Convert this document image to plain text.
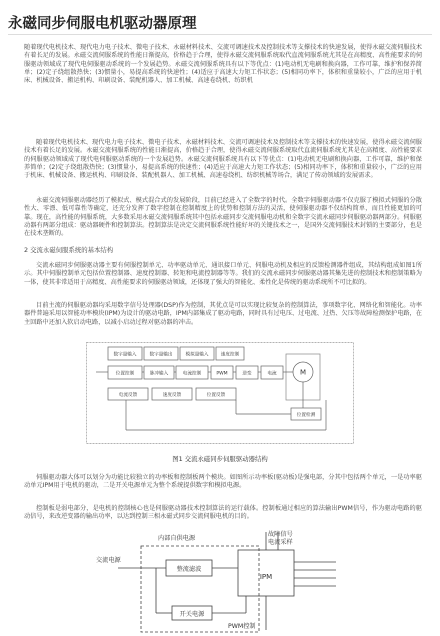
永磁同步伺服电机驱动器原理

随着现代电机技术、现代电力电子技术、微电子技术、永磁材料技术、交流可调速技术及控制技术等支撑技术的快速发展，使得永磁交流伺服技术有着长足的发展。永磁交流伺服系统的性能日渐提高，价格趋于合理，使得永磁交流伺服系统取代直流伺服系统尤其是在高精度、高性能要求的伺服驱动领域成了现代电伺服驱动系统的一个发展趋势。永磁交流伺服系统具有以下等优点：(1)电动机无电刷和换向器，工作可靠，维护和保养简单；(2)定子绕组散热快；(3)惯量小，易提高系统的快速性；(4)适应于高速大力矩工作状态；(5)相同功率下，体积和重量较小，广泛的应用于机床、机械设备、搬运机构、印刷设备、装配机器人、加工机械、高速卷绕机、纺织机

随着现代电机技术、现代电力电子技术、微电子技术、永磁材料技术、交流可调速技术及控制技术等支撑技术的快速发展，使得永磁交流伺服技术有着长足的发展。永磁交流伺服系统的性能日渐提高，价格趋于合理，使得永磁交流伺服系统取代直流伺服系统尤其是在高精度、高性能要求的伺服驱动领域成了现代电伺服驱动系统的一个发展趋势。永磁交流伺服系统具有以下等优点：(1)电动机无电刷和换向器，工作可靠，维护和保养简单；(2)定子绕组散热快；(3)惯量小，易提高系统的快速性；(4)适应于高速大力矩工作状态；(5)相同功率下，体积和重量较小，广泛的应用于机床、机械设备、搬运机构、印刷设备、装配机器人、加工机械、高速卷绕机、纺织机械等场合，满足了传动领域的发展需求。

永磁交流伺服驱动器经历了模拟式、模式混合式的发展阶段，目前已经进入了全数字的时代。全数字伺服驱动器不仅克服了模拟式伺服的分散性大、零漂、低可靠性等确定，还充分发挥了数字控制在控制精度上的优势和控制方法的灵活，使伺服驱动器不仅结构简单，而且性能更加的可靠。现在，高性能的伺服系统，大多数采用永磁交流伺服系统其中包括永磁同步交流伺服电动机和全数字交流永磁同步伺服驱动器两部分。伺服驱动器有两部分组成：驱动器硬件和控制算法。控制算法是决定交流伺服系统性能好坏的关键技术之一，是国外交流伺服技术封锁的主要部分，也是在技术垄断的。

2 交流永磁伺服系统的基本结构

交流永磁同步伺服驱动器主要有伺服控制单元、功率驱动单元、通讯接口单元、伺服电动机及相应的反馈检测器件组成，其结构组成如图1所示。其中伺服控制单元包括位置控制器、速度控制器、转矩和电流控制器等等。我们的交流永磁同步伺服驱动器其集先进的控制技术和控制策略为一体，使其非常适用于高精度、高性能要求的伺服驱动领域，还体现了强大的智能化、柔性化是传统的驱动系统所不可比拟的。

目前主流的伺服驱动器均采用数字信号处理器(DSP)作为控制，其优点是可以实现比较复杂的控制算法，事项数字化、网络化和智能化。功率器件普遍采用以智能功率模块(IPM)为设计的驱动电路，IPM内部集成了驱动电路，同时具有过电压、过电流、过热、欠压等故障检测保护电路，在主回路中还加入软启动电路，以减小启动过程对驱动器的冲击。

数字量输入	数字量输出	模拟量输入	速度控制
位置控制	脉冲输入	电流控制	PWM	逆变	电流
电流反馈	速度反馈	位置反馈
M
位置检测
图1 交流永磁同步伺服驱动器结构

伺服驱动器大体可以划分为功能比较独立的功率板和控制板两个模块。如图所示功率板(驱动板)是强电部，分其中包括两个单元，一是功率驱动单元IPM用于电机的驱动，二是开关电源单元为整个系统提供数字和模拟电源。

控制板是弱电部分，是电机的控制核心也是伺服驱动器技术控制算法的运行载体。控制板通过相应的算法输出PWM信号，作为驱动电路的驱动信号，来改逆变器的输出功率，以达到控制三相永磁式同步交流伺服电机的目的。

内部自供电源
故障信号
电流采样
交流电源
整流滤波
IPM
开关电源
PWM控制
